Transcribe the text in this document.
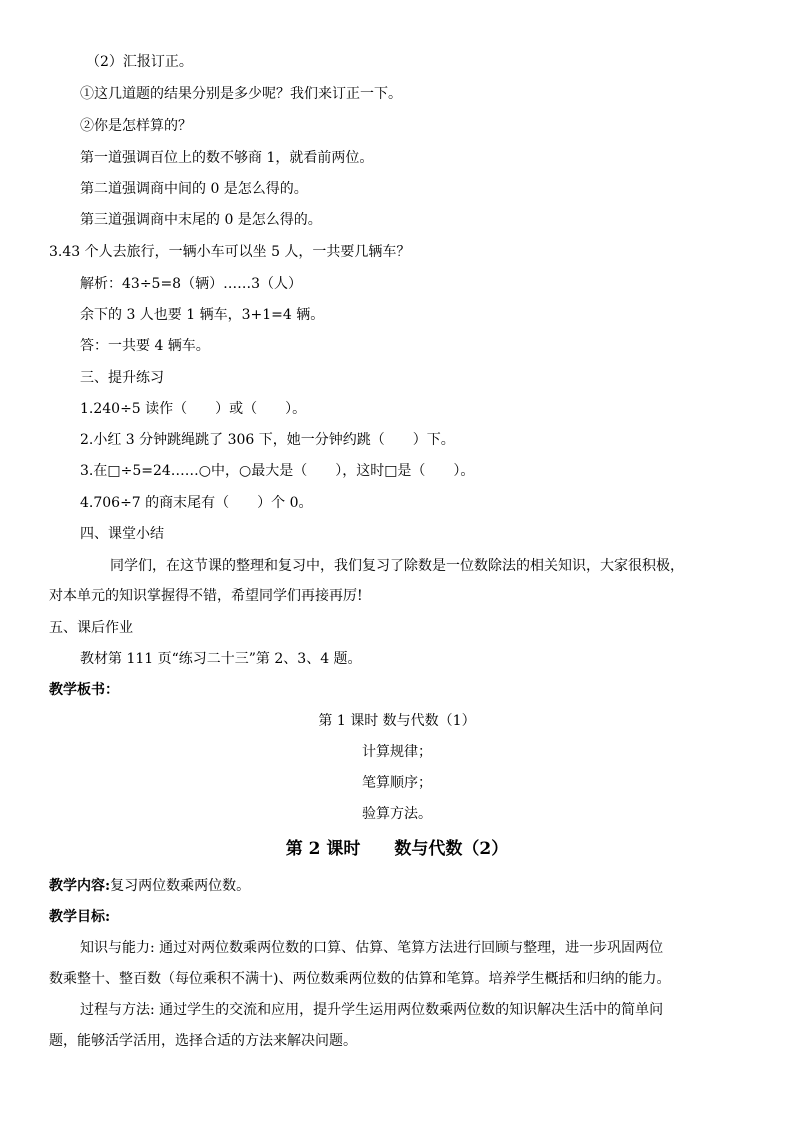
（2）汇报订正。
①这几道题的结果分别是多少呢？我们来订正一下。
②你是怎样算的？
第一道强调百位上的数不够商 1，就看前两位。
第二道强调商中间的 0 是怎么得的。
第三道强调商中末尾的 0 是怎么得的。
3.43 个人去旅行，一辆小车可以坐 5 人，一共要几辆车？
解析：43÷5=8（辆）……3（人）
余下的 3 人也要 1 辆车，3+1=4 辆。
答：一共要 4 辆车。
三、提升练习
1.240÷5 读作（　　）或（　　）。
2.小红 3 分钟跳绳跳了 306 下，她一分钟约跳（　　）下。
3.在□÷5=24……○中，○最大是（　　），这时□是（　　）。
4.706÷7 的商末尾有（　　）个 0。
四、课堂小结
同学们，在这节课的整理和复习中，我们复习了除数是一位数除法的相关知识，大家很积极，
对本单元的知识掌握得不错，希望同学们再接再厉!
五、课后作业
教材第 111 页“练习二十三”第 2、3、4 题。
教学板书：
第 1 课时 数与代数（1）
计算规律；
笔算顺序；
验算方法。
第 2 课时　　数与代数（2）
教学内容:复习两位数乘两位数。
教学目标:
知识与能力: 通过对两位数乘两位数的口算、估算、笔算方法进行回顾与整理，进一步巩固两位
数乘整十、整百数（每位乘积不满十)、两位数乘两位数的估算和笔算。培养学生概括和归纳的能力。
过程与方法: 通过学生的交流和应用，提升学生运用两位数乘两位数的知识解决生活中的简单问
题，能够活学活用，选择合适的方法来解决问题。
